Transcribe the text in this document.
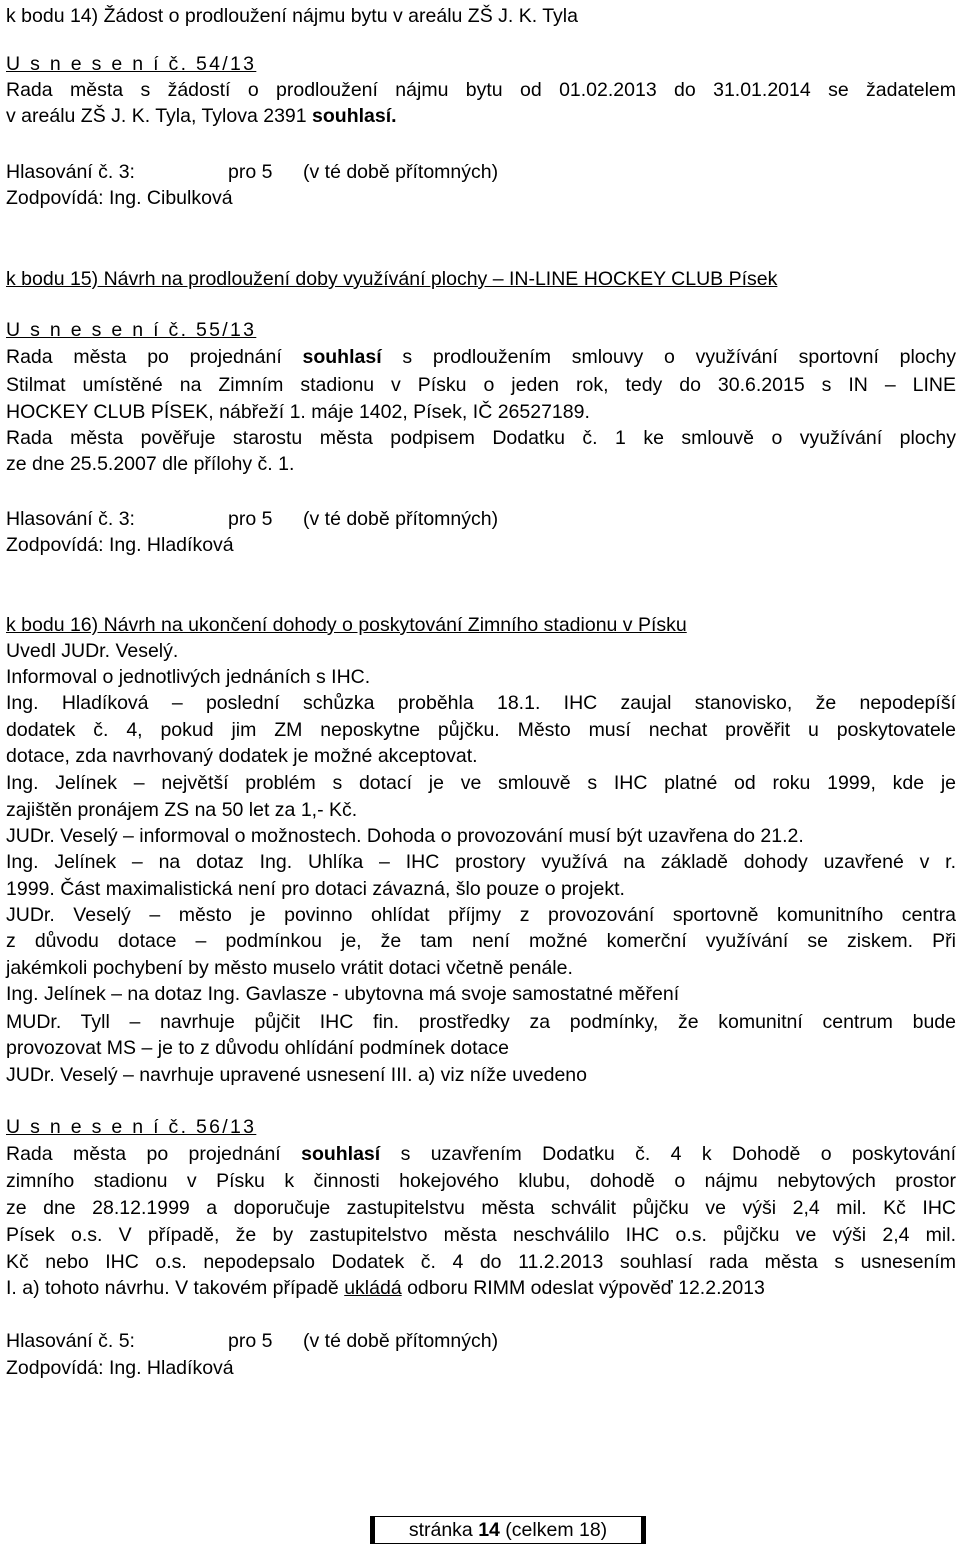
k bodu 14) Žádost o prodloužení nájmu bytu v areálu ZŠ J. K. Tyla
U s n e s e n í č. 54/13
Rada města s žádostí o prodloužení nájmu bytu od 01.02.2013 do 31.01.2014 se žadatelem
v areálu ZŠ J. K. Tyla, Tylova 2391 souhlasí.
Hlasování č. 3:	pro 5 (v té době přítomných)
Zodpovídá: Ing. Cibulková
k bodu 15) Návrh na prodloužení doby využívání plochy – IN-LINE HOCKEY CLUB Písek
U s n e s e n í č. 55/13
Rada města po projednání souhlasí s prodloužením smlouvy o využívání sportovní plochy
Stilmat umístěné na Zimním stadionu v Písku o jeden rok, tedy do 30.6.2015 s IN – LINE
HOCKEY CLUB PÍSEK, nábřeží 1. máje 1402, Písek, IČ 26527189.
Rada města pověřuje starostu města podpisem Dodatku č. 1 ke smlouvě o využívání plochy
ze dne 25.5.2007 dle přílohy č. 1.
Hlasování č. 3:	pro 5 (v té době přítomných)
Zodpovídá: Ing. Hladíková
k bodu 16) Návrh na ukončení dohody o poskytování Zimního stadionu v Písku
Uvedl JUDr. Veselý.
Informoval o jednotlivých jednáních s IHC.
Ing. Hladíková – poslední schůzka proběhla 18.1. IHC zaujal stanovisko, že nepodepíší
dodatek č. 4, pokud jim ZM neposkytne půjčku. Město musí nechat prověřit u poskytovatele
dotace, zda navrhovaný dodatek je možné akceptovat.
Ing. Jelínek – největší problém s dotací je ve smlouvě s IHC platné od roku 1999, kde je
zajištěn pronájem ZS na 50 let za 1,- Kč.
JUDr. Veselý – informoval o možnostech. Dohoda o provozování musí být uzavřena do 21.2.
Ing. Jelínek – na dotaz Ing. Uhlíka – IHC prostory využívá na základě dohody uzavřené v r.
1999. Část maximalistická není pro dotaci závazná, šlo pouze o projekt.
JUDr. Veselý – město je povinno ohlídat příjmy z provozování sportovně komunitního centra
z důvodu dotace – podmínkou je, že tam není možné komerční využívání se ziskem. Při
jakémkoli pochybení by město muselo vrátit dotaci včetně penále.
Ing. Jelínek – na dotaz Ing. Gavlasze - ubytovna má svoje samostatné měření
MUDr. Tyll – navrhuje půjčit IHC fin. prostředky za podmínky, že komunitní centrum bude
provozovat MS – je to z důvodu ohlídání podmínek dotace
JUDr. Veselý – navrhuje upravené usnesení III. a) viz níže uvedeno
U s n e s e n í č. 56/13
Rada města po projednání souhlasí s uzavřením Dodatku č. 4 k Dohodě o poskytování
zimního stadionu v Písku k činnosti hokejového klubu, dohodě o nájmu nebytových prostor
ze dne 28.12.1999 a doporučuje zastupitelstvu města schválit půjčku ve výši 2,4 mil. Kč IHC
Písek o.s. V případě, že by zastupitelstvo města neschválilo IHC o.s. půjčku ve výši 2,4 mil.
Kč nebo IHC o.s. nepodepsalo Dodatek č. 4 do 11.2.2013 souhlasí rada města s usnesením
I. a) tohoto návrhu. V takovém případě ukládá odboru RIMM odeslat výpověď 12.2.2013
Hlasování č. 5:	pro 5 (v té době přítomných)
Zodpovídá: Ing. Hladíková
stránka 14 (celkem 18)
